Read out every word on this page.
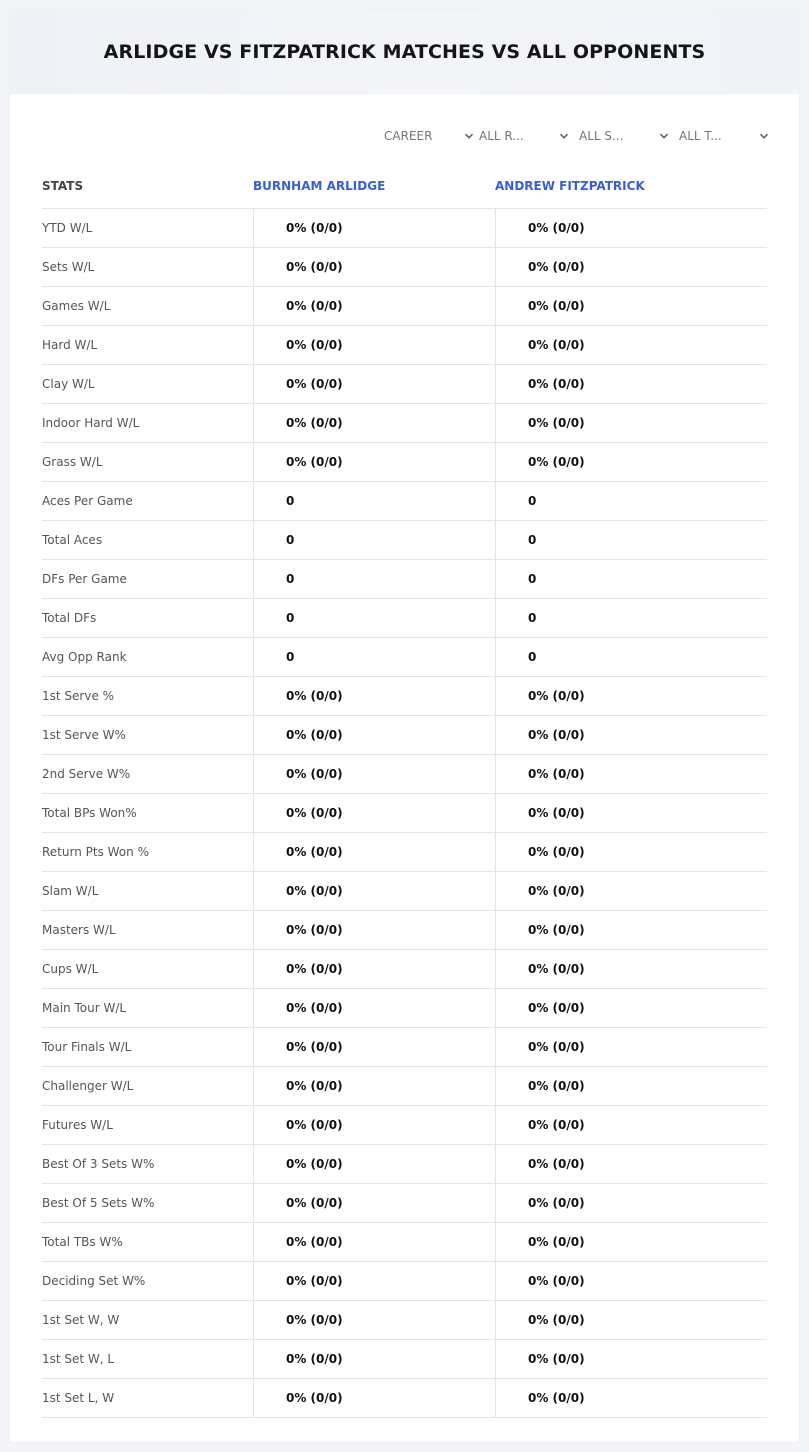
ARLIDGE VS FITZPATRICK MATCHES VS ALL OPPONENTS
CAREER	ALL R...	ALL S...	ALL T...
STATS	BURNHAM ARLIDGE	ANDREW FITZPATRICK
YTD W/L	0% (0/0)	0% (0/0)
Sets W/L	0% (0/0)	0% (0/0)
Games W/L	0% (0/0)	0% (0/0)
Hard W/L	0% (0/0)	0% (0/0)
Clay W/L	0% (0/0)	0% (0/0)
Indoor Hard W/L	0% (0/0)	0% (0/0)
Grass W/L	0% (0/0)	0% (0/0)
Aces Per Game	0	0
Total Aces	0	0
DFs Per Game	0	0
Total DFs	0	0
Avg Opp Rank	0	0
1st Serve %	0% (0/0)	0% (0/0)
1st Serve W%	0% (0/0)	0% (0/0)
2nd Serve W%	0% (0/0)	0% (0/0)
Total BPs Won%	0% (0/0)	0% (0/0)
Return Pts Won %	0% (0/0)	0% (0/0)
Slam W/L	0% (0/0)	0% (0/0)
Masters W/L	0% (0/0)	0% (0/0)
Cups W/L	0% (0/0)	0% (0/0)
Main Tour W/L	0% (0/0)	0% (0/0)
Tour Finals W/L	0% (0/0)	0% (0/0)
Challenger W/L	0% (0/0)	0% (0/0)
Futures W/L	0% (0/0)	0% (0/0)
Best Of 3 Sets W%	0% (0/0)	0% (0/0)
Best Of 5 Sets W%	0% (0/0)	0% (0/0)
Total TBs W%	0% (0/0)	0% (0/0)
Deciding Set W%	0% (0/0)	0% (0/0)
1st Set W, W	0% (0/0)	0% (0/0)
1st Set W, L	0% (0/0)	0% (0/0)
1st Set L, W	0% (0/0)	0% (0/0)
